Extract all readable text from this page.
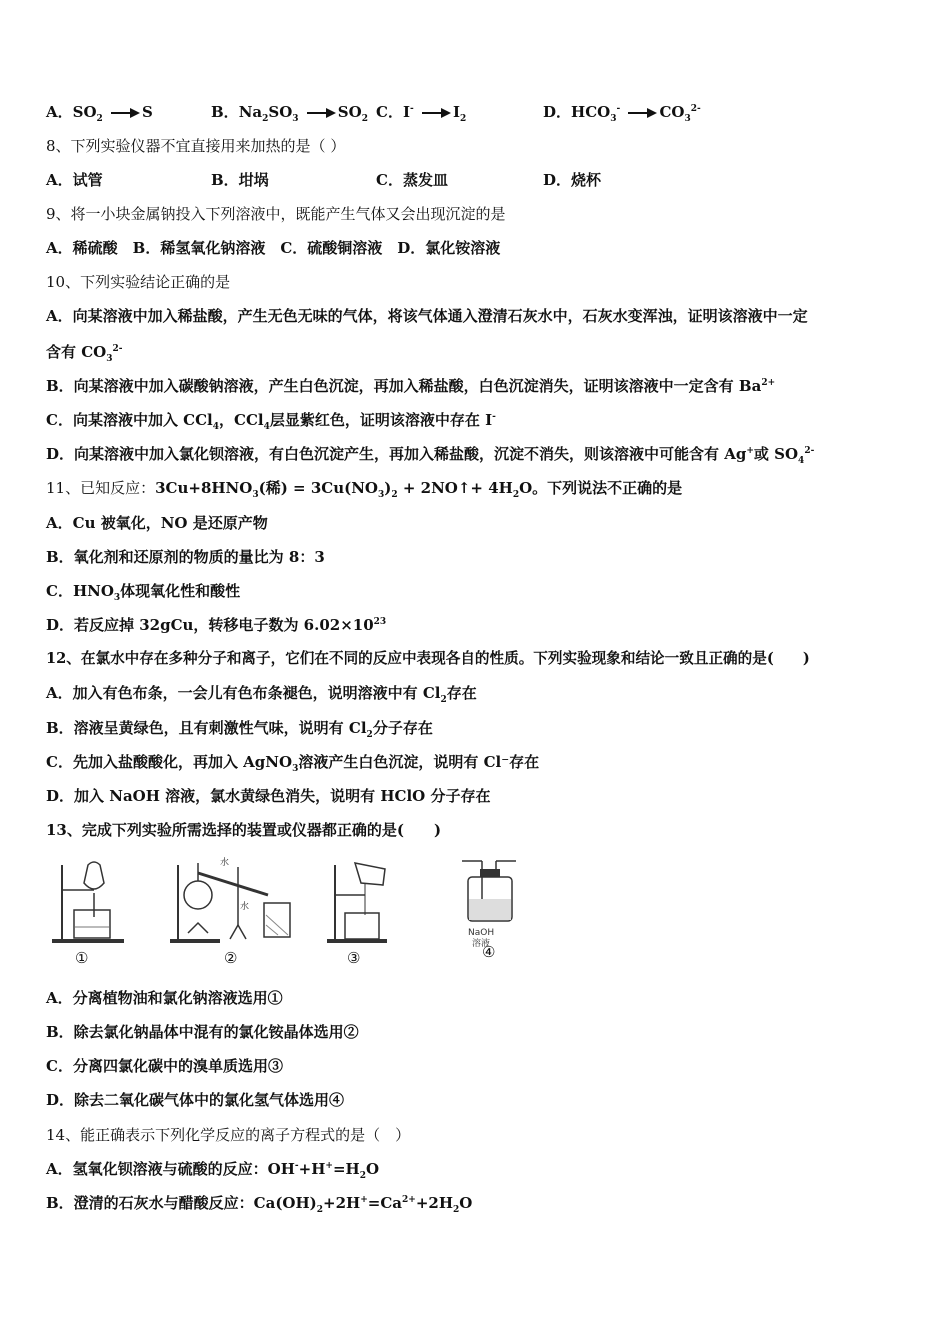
A．$SO_2$	S	B．$Na_2SO_3$	$SO_2$ C．I-	$I_2$	D．$HCO_3^-$	$CO_3^{2-}$
8、下列实验仪器不宜直接用来加热的是（ ）
A．试管	B．坩埚	C．蒸发皿	D．烧杯
9、将一小块金属钠投入下列溶液中，既能产生气体又会出现沉淀的是
A．稀硫酸　B．稀氢氧化钠溶液　C．硫酸铜溶液　D．氯化铵溶液
10、下列实验结论正确的是
A．向某溶液中加入稀盐酸，产生无色无味的气体，将该气体通入澄清石灰水中，石灰水变浑浊，证明该溶液中一定
含有 $CO_3^{2-}$
B．向某溶液中加入碳酸钠溶液，产生白色沉淀，再加入稀盐酸，白色沉淀消失，证明该溶液中一定含有 $Ba^{2+}$
C．向某溶液中加入 CCl$_4$，CCl$_4$层显紫红色，证明该溶液中存在 I-
D．向某溶液中加入氯化钡溶液，有白色沉淀产生，再加入稀盐酸，沉淀不消失，则该溶液中可能含有 Ag+或 $SO_4^{2-}$
11、已知反应：$3Cu+8HNO_3$(稀) = $3Cu(NO_3)_2$ + 2NO↑+ $4H_2O$。下列说法不正确的是
A．Cu 被氧化，NO 是还原产物
B．氧化剂和还原剂的物质的量比为 8：3
C．$HNO_3$体现氧化性和酸性
D．若反应掉 32gCu，转移电子数为 $6.02\times 10^{23}$
12、在氯水中存在多种分子和离子，它们在不同的反应中表现各自的性质。下列实验现象和结论一致且正确的是(　　)
A．加入有色布条，一会儿有色布条褪色，说明溶液中有 $Cl_2$存在
B．溶液呈黄绿色，且有刺激性气味，说明有 $Cl_2$分子存在
C．先加入盐酸酸化，再加入 AgNO$_3$溶液产生白色沉淀，说明有 Cl⁻存在
D．加入 NaOH 溶液，氯水黄绿色消失，说明有 HClO 分子存在
13、完成下列实验所需选择的装置或仪器都正确的是(　　)
水
水
NaOH
溶液
①	②	③	④
A．分离植物油和氯化钠溶液选用①
B．除去氯化钠晶体中混有的氯化铵晶体选用②
C．分离四氯化碳中的溴单质选用③
D．除去二氧化碳气体中的氯化氢气体选用④
14、能正确表示下列化学反应的离子方程式的是（　）
A．氢氧化钡溶液与硫酸的反应：$OH^-+H^+=H_2O$
B．澄清的石灰水与醋酸反应：$Ca(OH)_2+2H^+=Ca^{2+}+2H_2O$
